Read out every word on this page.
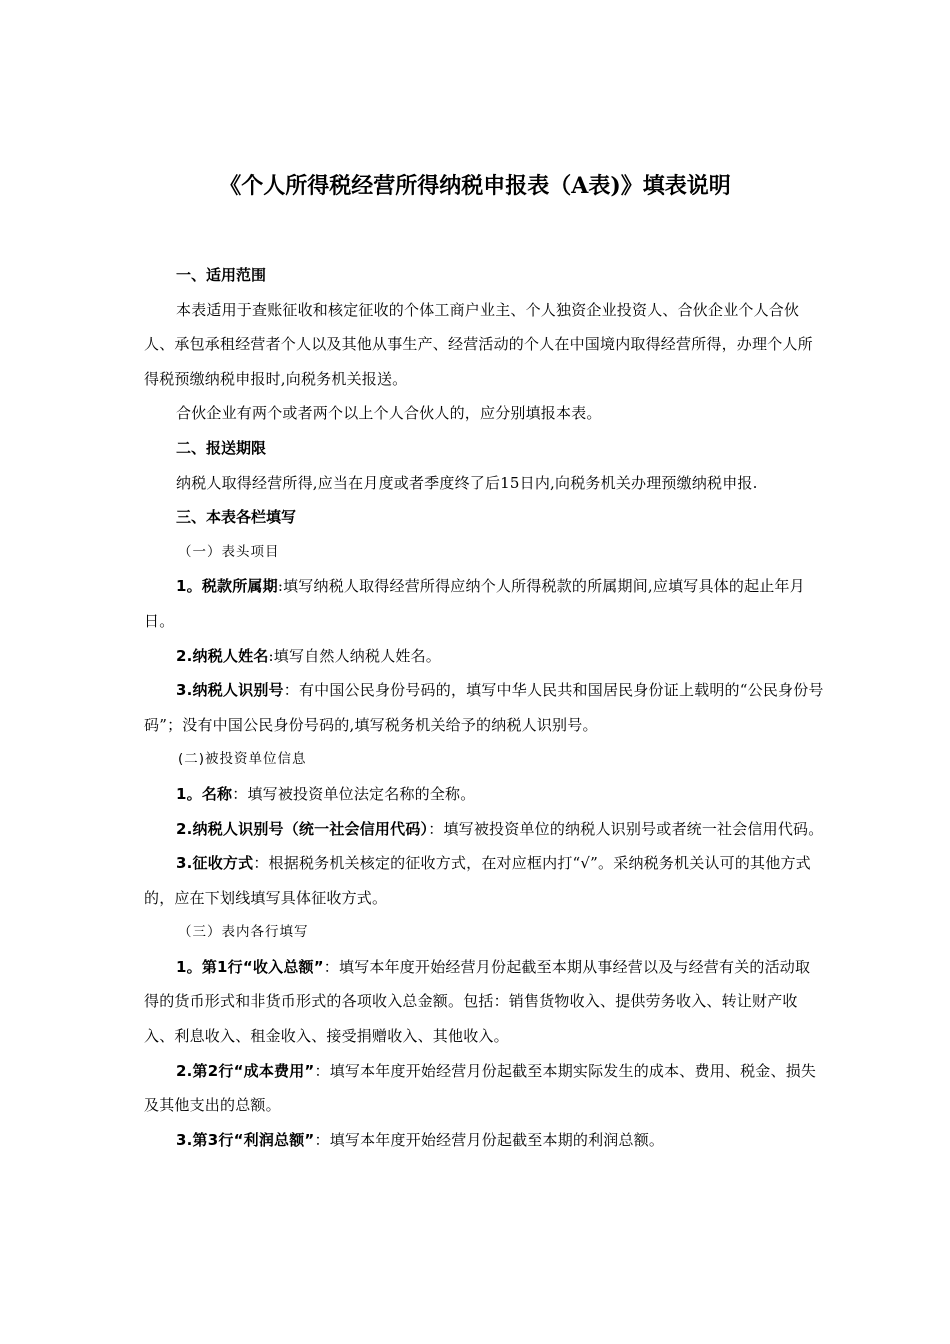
《个人所得税经营所得纳税申报表（A表)》填表说明

一、适用范围

本表适用于查账征收和核定征收的个体工商户业主、个人独资企业投资人、合伙企业个人合伙人、承包承租经营者个人以及其他从事生产、经营活动的个人在中国境内取得经营所得，办理个人所得税预缴纳税申报时,向税务机关报送。

合伙企业有两个或者两个以上个人合伙人的，应分别填报本表。

二、报送期限

纳税人取得经营所得,应当在月度或者季度终了后15日内,向税务机关办理预缴纳税申报.

三、本表各栏填写

（一）表头项目

1。税款所属期:填写纳税人取得经营所得应纳个人所得税款的所属期间,应填写具体的起止年月日。

2.纳税人姓名:填写自然人纳税人姓名。

3.纳税人识别号：有中国公民身份号码的，填写中华人民共和国居民身份证上载明的“公民身份号码”；没有中国公民身份号码的,填写税务机关给予的纳税人识别号。

(二)被投资单位信息

1。名称：填写被投资单位法定名称的全称。

2.纳税人识别号（统一社会信用代码）：填写被投资单位的纳税人识别号或者统一社会信用代码。

3.征收方式：根据税务机关核定的征收方式，在对应框内打“√”。采纳税务机关认可的其他方式的，应在下划线填写具体征收方式。

（三）表内各行填写

1。第1行“收入总额”：填写本年度开始经营月份起截至本期从事经营以及与经营有关的活动取得的货币形式和非货币形式的各项收入总金额。包括：销售货物收入、提供劳务收入、转让财产收入、利息收入、租金收入、接受捐赠收入、其他收入。

2.第2行“成本费用”：填写本年度开始经营月份起截至本期实际发生的成本、费用、税金、损失及其他支出的总额。

3.第3行“利润总额”：填写本年度开始经营月份起截至本期的利润总额。
